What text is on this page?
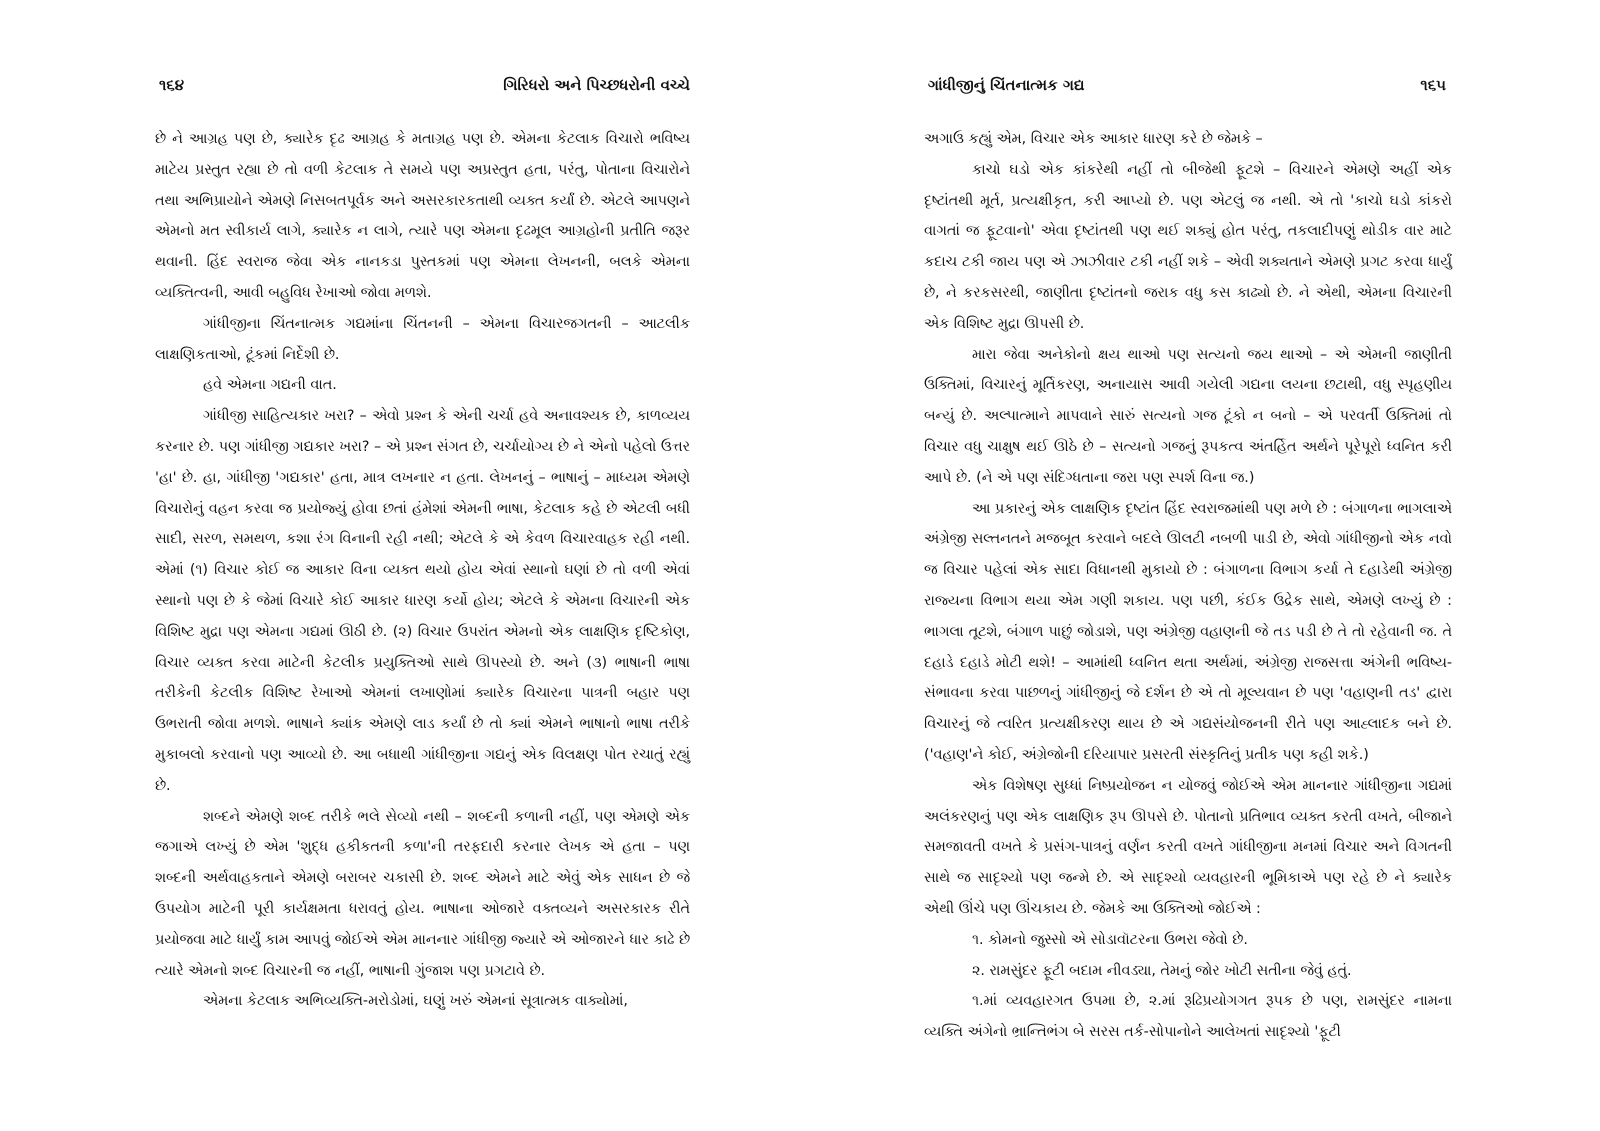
૧૬૪	ગિરિધરો અને પિચ્છધરોની વચ્ચે

છે ને આગ્રહ પણ છે, ક્યારેક દૃઢ આગ્રહ કે મતાગ્રહ પણ છે. એમના કેટલાક વિચારો ભવિષ્ય માટેય પ્રસ્તુત રહ્યા છે તો વળી કેટલાક તે સમયે પણ અપ્રસ્તુત હતા, પરંતુ, પોતાના વિચારોને તથા અભિપ્રાયોને એમણે નિસબતપૂર્વક અને અસરકારકતાથી વ્યક્ત કર્યાં છે. એટલે આપણને એમનો મત સ્વીકાર્ય લાગે, ક્યારેક ન લાગે, ત્યારે પણ એમના દૃઢમૂલ આગ્રહોની પ્રતીતિ જરૂર થવાની. હિંદ સ્વરાજ જેવા એક નાનકડા પુસ્તકમાં પણ એમના લેખનની, બલકે એમના વ્યક્તિત્વની, આવી બહુવિધ રેખાઓ જોવા મળશે.

ગાંધીજીના ચિંતનાત્મક ગદ્યમાંના ચિંતનની – એમના વિચારજગતની – આટલીક લાક્ષણિકતાઓ, ટૂંકમાં નિર્દેશી છે.

હવે એમના ગદ્યની વાત.

ગાંધીજી સાહિત્યકાર ખરા? – એવો પ્રશ્ન કે એની ચર્ચા હવે અનાવશ્યક છે, કાળવ્યય કરનાર છે. પણ ગાંધીજી ગદ્યકાર ખરા? – એ પ્રશ્ન સંગત છે, ચર્ચાયોગ્ય છે ને એનો પહેલો ઉત્તર 'હા' છે. હા, ગાંધીજી 'ગદ્યકાર' હતા, માત્ર લખનાર ન હતા. લેખનનું – ભાષાનું – માધ્યમ એમણે વિચારોનું વહન કરવા જ પ્રયોજ્યું હોવા છતાં હંમેશાં એમની ભાષા, કેટલાક કહે છે એટલી બધી સાદી, સરળ, સમથળ, કશા રંગ વિનાની રહી નથી; એટલે કે એ કેવળ વિચારવાહક રહી નથી. એમાં (૧) વિચાર કોઈ જ આકાર વિના વ્યક્ત થયો હોય એવાં સ્થાનો ઘણાં છે તો વળી એવાં સ્થાનો પણ છે કે જેમાં વિચારે કોઈ આકાર ધારણ કર્યો હોય; એટલે કે એમના વિચારની એક વિશિષ્ટ મુદ્રા પણ એમના ગદ્યમાં ઊઠી છે. (૨) વિચાર ઉપરાંત એમનો એક લાક્ષણિક દૃષ્ટિકોણ, વિચાર વ્યક્ત કરવા માટેની કેટલીક પ્રયુક્તિઓ સાથે ઊપસ્યો છે. અને (૩) ભાષાની ભાષા તરીકેની કેટલીક વિશિષ્ટ રેખાઓ એમનાં લખાણોમાં ક્યારેક વિચારના પાત્રની બહાર પણ ઉભરાતી જોવા મળશે. ભાષાને ક્યાંક એમણે લાડ કર્યાં છે તો ક્યાં એમને ભાષાનો ભાષા તરીકે મુકાબલો કરવાનો પણ આવ્યો છે. આ બધાથી ગાંધીજીના ગદ્યનું એક વિલક્ષણ પોત રચાતું રહ્યું છે.

શબ્દને એમણે શબ્દ તરીકે ભલે સેવ્યો નથી – શબ્દની કળાની નહીં, પણ એમણે એક જગાએ લખ્યું છે એમ 'શુદ્ધ હકીકતની કળા'ની તરફદારી કરનાર લેખક એ હતા – પણ શબ્દની અર્થવાહકતાને એમણે બરાબર ચકાસી છે. શબ્દ એમને માટે એવું એક સાધન છે જે ઉપયોગ માટેની પૂરી કાર્યક્ષમતા ધરાવતું હોય. ભાષાના ઓજારે વક્તવ્યને અસરકારક રીતે પ્રયોજવા માટે ધાર્યું કામ આપવું જોઈએ એમ માનનાર ગાંધીજી જ્યારે એ ઓજારને ધાર કાઢે છે ત્યારે એમનો શબ્દ વિચારની જ નહીં, ભાષાની ગુંજાશ પણ પ્રગટાવે છે.

એમના કેટલાક અભિવ્યક્તિ-મરોડોમાં, ઘણું ખરું એમનાં સૂત્રાત્મક વાક્યોમાં,

ગાંધીજીનું ચિંતનાત્મક ગદ્ય	૧૬૫

અગાઉ કહ્યું એમ, વિચાર એક આકાર ધારણ કરે છે જેમકે –

કાચો ઘડો એક કાંકરેથી નહીં તો બીજેથી ફૂટશે – વિચારને એમણે અહીં એક દૃષ્ટાંતથી મૂર્ત, પ્રત્યક્ષીકૃત, કરી આપ્યો છે. પણ એટલું જ નથી. એ તો 'કાચો ઘડો કાંકરો વાગતાં જ ફૂટવાનો' એવા દૃષ્ટાંતથી પણ થઈ શક્યું હોત પરંતુ, તકલાદીપણું થોડીક વાર માટે કદાચ ટકી જાય પણ એ ઝાઝીવાર ટકી નહીં શકે – એવી શક્યતાને એમણે પ્રગટ કરવા ધાર્યું છે, ને કરકસરથી, જાણીતા દૃષ્ટાંતનો જરાક વધુ કસ કાઢ્યો છે. ને એથી, એમના વિચારની એક વિશિષ્ટ મુદ્રા ઊપસી છે.

મારા જેવા અનેકોનો ક્ષય થાઓ પણ સત્યનો જય થાઓ – એ એમની જાણીતી ઉક્તિમાં, વિચારનું મૂર્તિકરણ, અનાયાસ આવી ગયેલી ગદ્યના લયના છટાથી, વધુ સ્પૃહણીય બન્યું છે. અલ્પાત્માને માપવાને સારું સત્યનો ગજ ટૂંકો ન બનો – એ પરવર્તી ઉક્તિમાં તો વિચાર વધુ ચાક્ષુષ થઈ ઊઠે છે – સત્યનો ગજનું રૂપકત્વ અંતર્હિત અર્થને પૂરેપૂરો ધ્વનિત કરી આપે છે. (ને એ પણ સંદિગ્ધતાના જરા પણ સ્પર્શ વિના જ.)

આ પ્રકારનું એક લાક્ષણિક દૃષ્ટાંત હિંદ સ્વરાજમાંથી પણ મળે છે : બંગાળના ભાગલાએ અંગ્રેજી સલ્તનતને મજબૂત કરવાને બદલે ઊલટી નબળી પાડી છે, એવો ગાંધીજીનો એક નવો જ વિચાર પહેલાં એક સાદા વિધાનથી મુકાયો છે : બંગાળના વિભાગ કર્યા તે દહાડેથી અંગ્રેજી રાજ્યના વિભાગ થયા એમ ગણી શકાય. પણ પછી, કંઈક ઉદ્રેક સાથે, એમણે લખ્યું છે : ભાગલા તૂટશે, બંગાળ પાછું જોડાશે, પણ અંગ્રેજી વહાણની જે તડ પડી છે તે તો રહેવાની જ. તે દહાડે દહાડે મોટી થશે! – આમાંથી ધ્વનિત થતા અર્થમાં, અંગ્રેજી રાજસત્તા અંગેની ભવિષ્ય-સંભાવના કરવા પાછળનું ગાંધીજીનું જે દર્શન છે એ તો મૂલ્યવાન છે પણ 'વહાણની તડ' દ્વારા વિચારનું જે ત્વરિત પ્રત્યક્ષીકરણ થાય છે એ ગદ્યસંયોજનની રીતે પણ આહ્લાદક બને છે. ('વહાણ'ને કોઈ, અંગ્રેજોની દરિયાપાર પ્રસરતી સંસ્કૃતિનું પ્રતીક પણ કહી શકે.)

એક વિશેષણ સુધ્ધાં નિષ્પ્રયોજન ન યોજવું જોઈએ એમ માનનાર ગાંધીજીના ગદ્યમાં અલંકરણનું પણ એક લાક્ષણિક રૂપ ઊપસે છે. પોતાનો પ્રતિભાવ વ્યક્ત કરતી વખતે, બીજાને સમજાવતી વખતે કે પ્રસંગ-પાત્રનું વર્ણન કરતી વખતે ગાંધીજીના મનમાં વિચાર અને વિગતની સાથે જ સાદૃશ્યો પણ જન્મે છે. એ સાદૃશ્યો વ્યવહારની ભૂમિકાએ પણ રહે છે ને ક્યારેક એથી ઊંચે પણ ઊંચકાય છે. જેમકે આ ઉક્તિઓ જોઈએ :

૧. કોમનો જુસ્સો એ સોડાવૉટરના ઉભરા જેવો છે.

૨. રામસુંદર ફૂટી બદામ નીવડ્યા, તેમનું જોર ખોટી સતીના જેવું હતું.

૧.માં વ્યવહારગત ઉપમા છે, ૨.માં રૂઢિપ્રયોગગત રૂપક છે પણ, રામસુંદર નામના વ્યક્તિ અંગેનો ભ્રાન્તિભંગ બે સરસ તર્ક-સોપાનોને આલેખતાં સાદૃશ્યો 'ફૂટી
